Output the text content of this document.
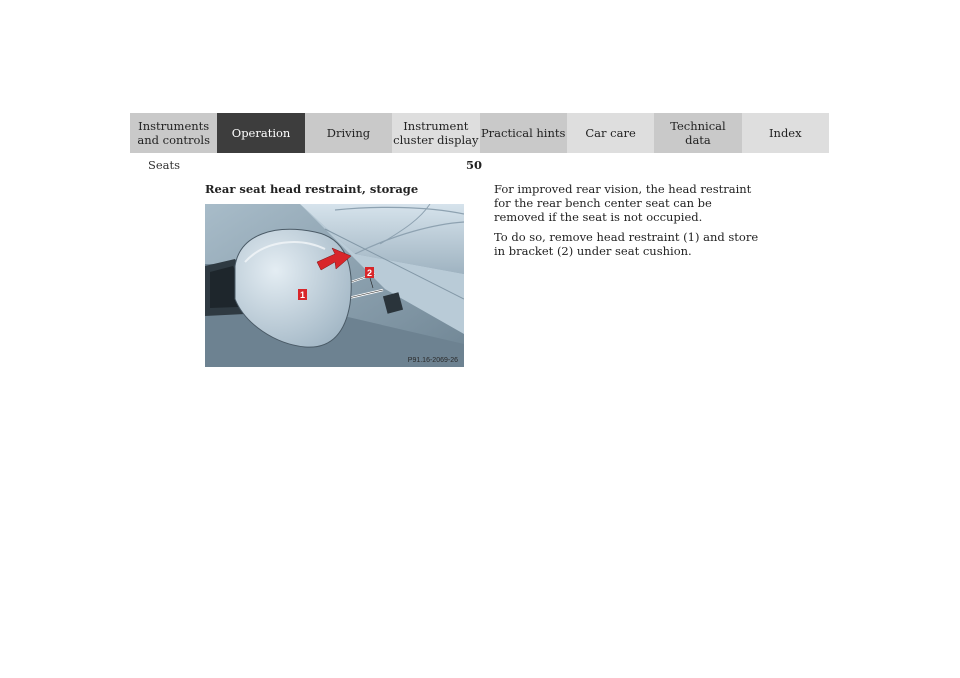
Instruments
and controls	Operation	Driving	Instrument
cluster display Practical hints	Car care	Technical
data	Index
Seats	50
Rear seat head restraint, storage
2
1
P91.16-2069-26

For improved rear vision, the head restraint for the rear bench center seat can be removed if the seat is not occupied.

To do so, remove head restraint (1) and store in bracket (2) under seat cushion.
